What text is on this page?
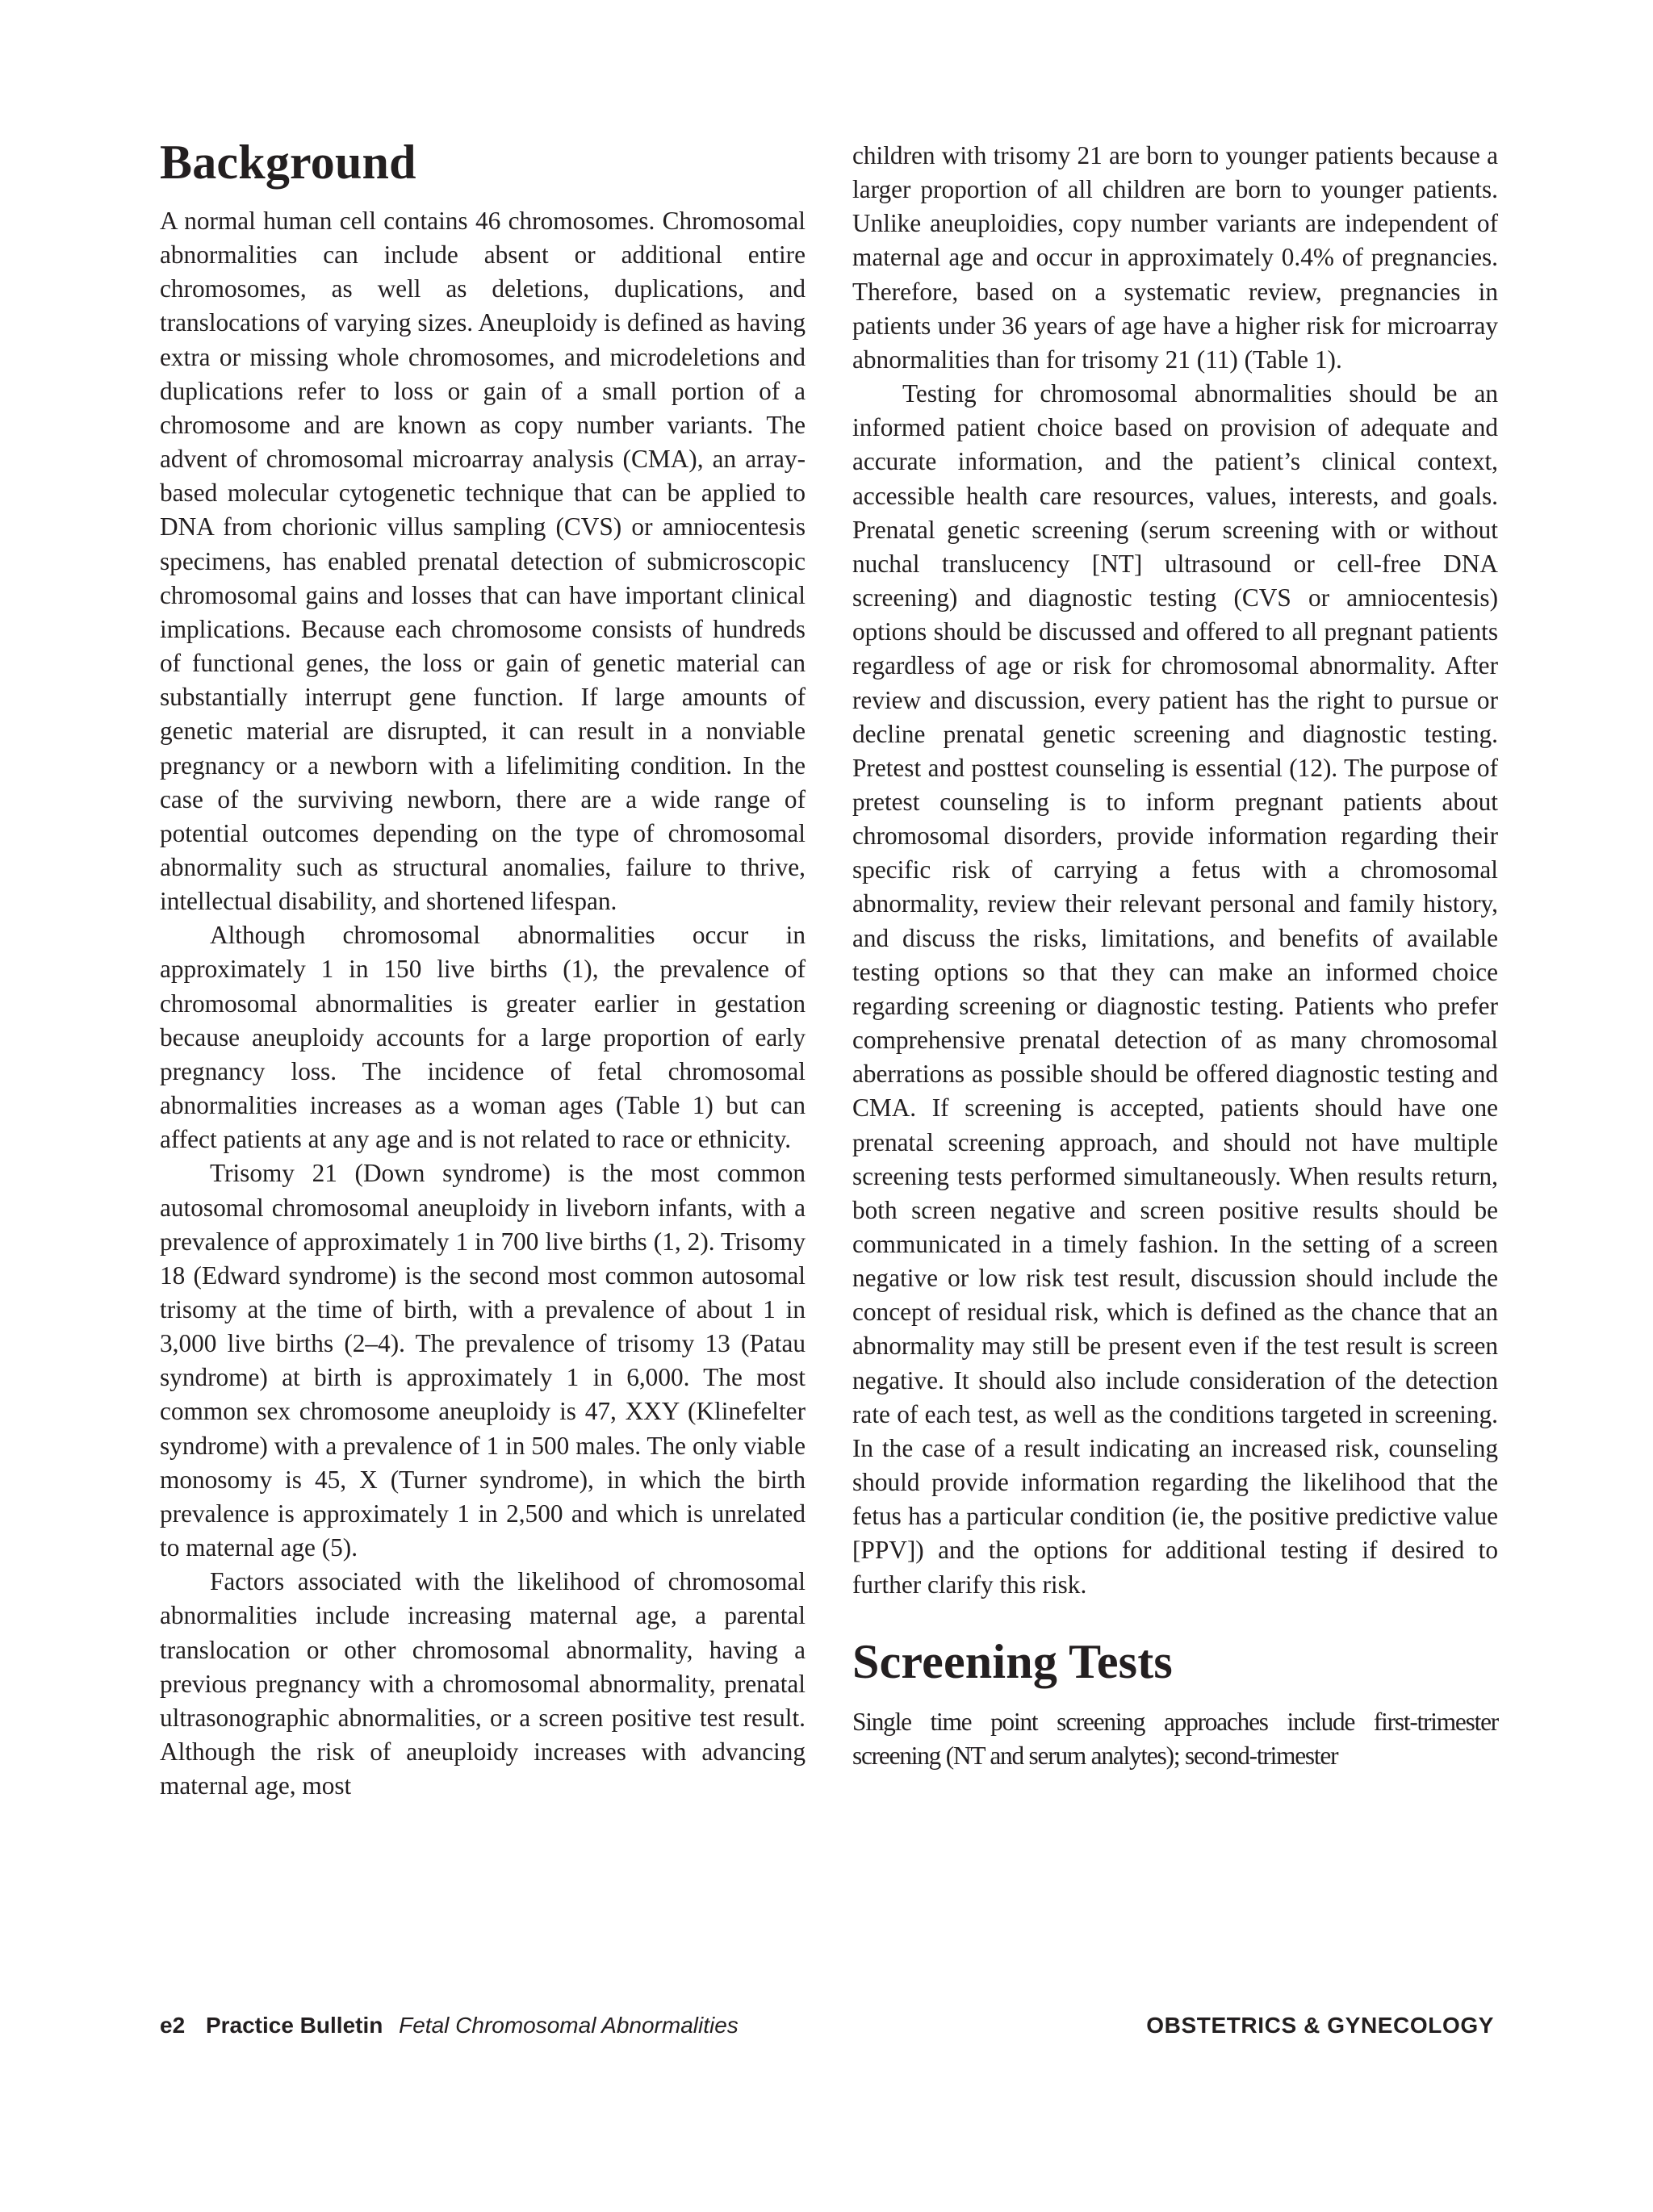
Background

A normal human cell contains 46 chromosomes. Chromosomal abnormalities can include absent or additional entire chromosomes, as well as deletions, duplications, and translocations of varying sizes. Aneuploidy is defined as having extra or missing whole chromosomes, and microdeletions and duplications refer to loss or gain of a small portion of a chromosome and are known as copy number variants. The advent of chromosomal microarray analysis (CMA), an array-based molecular cytogenetic technique that can be applied to DNA from chorionic villus sampling (CVS) or amniocentesis specimens, has enabled prenatal detection of submicroscopic chromosomal gains and losses that can have important clinical implications. Because each chromosome consists of hundreds of functional genes, the loss or gain of genetic material can substantially interrupt gene function. If large amounts of genetic material are disrupted, it can result in a nonviable pregnancy or a newborn with a lifelimiting condition. In the case of the surviving newborn, there are a wide range of potential outcomes depending on the type of chromosomal abnormality such as structural anomalies, failure to thrive, intellectual disability, and shortened lifespan.

Although chromosomal abnormalities occur in approximately 1 in 150 live births (1), the prevalence of chromosomal abnormalities is greater earlier in gestation because aneuploidy accounts for a large proportion of early pregnancy loss. The incidence of fetal chromosomal abnormalities increases as a woman ages (Table 1) but can affect patients at any age and is not related to race or ethnicity.

Trisomy 21 (Down syndrome) is the most common autosomal chromosomal aneuploidy in liveborn infants, with a prevalence of approximately 1 in 700 live births (1, 2). Trisomy 18 (Edward syndrome) is the second most common autosomal trisomy at the time of birth, with a prevalence of about 1 in 3,000 live births (2–4). The prevalence of trisomy 13 (Patau syndrome) at birth is approximately 1 in 6,000. The most common sex chromosome aneuploidy is 47, XXY (Klinefelter syndrome) with a prevalence of 1 in 500 males. The only viable monosomy is 45, X (Turner syndrome), in which the birth prevalence is approximately 1 in 2,500 and which is unrelated to maternal age (5).

Factors associated with the likelihood of chromosomal abnormalities include increasing maternal age, a parental translocation or other chromosomal abnormality, having a previous pregnancy with a chromosomal abnormality, prenatal ultrasonographic abnormalities, or a screen positive test result. Although the risk of aneuploidy increases with advancing maternal age, most

children with trisomy 21 are born to younger patients because a larger proportion of all children are born to younger patients. Unlike aneuploidies, copy number variants are independent of maternal age and occur in approximately 0.4% of pregnancies. Therefore, based on a systematic review, pregnancies in patients under 36 years of age have a higher risk for microarray abnormalities than for trisomy 21 (11) (Table 1).

Testing for chromosomal abnormalities should be an informed patient choice based on provision of adequate and accurate information, and the patient’s clinical context, accessible health care resources, values, interests, and goals. Prenatal genetic screening (serum screening with or without nuchal translucency [NT] ultrasound or cell-free DNA screening) and diagnostic testing (CVS or amniocentesis) options should be discussed and offered to all pregnant patients regardless of age or risk for chromosomal abnormality. After review and discussion, every patient has the right to pursue or decline prenatal genetic screening and diagnostic testing. Pretest and posttest counseling is essential (12). The purpose of pretest counseling is to inform pregnant patients about chromosomal disorders, provide information regarding their specific risk of carrying a fetus with a chromosomal abnormality, review their relevant personal and family history, and discuss the risks, limitations, and benefits of available testing options so that they can make an informed choice regarding screening or diagnostic testing. Patients who prefer comprehensive prenatal detection of as many chromosomal aberrations as possible should be offered diagnostic testing and CMA. If screening is accepted, patients should have one prenatal screening approach, and should not have multiple screening tests performed simultaneously. When results return, both screen negative and screen positive results should be communicated in a timely fashion. In the setting of a screen negative or low risk test result, discussion should include the concept of residual risk, which is defined as the chance that an abnormality may still be present even if the test result is screen negative. It should also include consideration of the detection rate of each test, as well as the conditions targeted in screening. In the case of a result indicating an increased risk, counseling should provide information regarding the likelihood that the fetus has a particular condition (ie, the positive predictive value [PPV]) and the options for additional testing if desired to further clarify this risk.

Screening Tests

Single time point screening approaches include first-trimester screening (NT and serum analytes); second-trimester

e2 Practice Bulletin Fetal Chromosomal Abnormalities	OBSTETRICS & GYNECOLOGY
